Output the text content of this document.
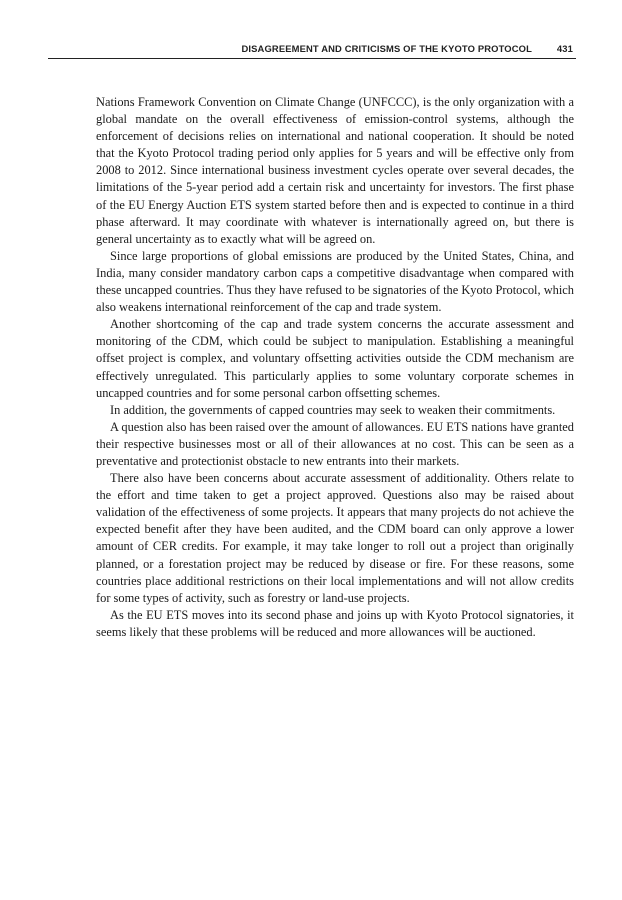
DISAGREEMENT AND CRITICISMS OF THE KYOTO PROTOCOL	431

Nations Framework Convention on Climate Change (UNFCCC), is the only organization with a global mandate on the overall effectiveness of emission-control systems, although the enforcement of decisions relies on international and national cooperation. It should be noted that the Kyoto Protocol trading period only applies for 5 years and will be effective only from 2008 to 2012. Since international business investment cycles operate over several decades, the limitations of the 5-year period add a certain risk and uncertainty for investors. The first phase of the EU Energy Auction ETS system started before then and is expected to continue in a third phase afterward. It may coordinate with whatever is internationally agreed on, but there is general uncertainty as to exactly what will be agreed on.

Since large proportions of global emissions are produced by the United States, China, and India, many consider mandatory carbon caps a competitive disadvantage when compared with these uncapped countries. Thus they have refused to be signatories of the Kyoto Protocol, which also weakens international reinforcement of the cap and trade system.

Another shortcoming of the cap and trade system concerns the accurate assessment and monitoring of the CDM, which could be subject to manipulation. Establishing a meaningful offset project is complex, and voluntary offsetting activities outside the CDM mechanism are effectively unregulated. This particularly applies to some voluntary corporate schemes in uncapped countries and for some personal carbon offsetting schemes.

In addition, the governments of capped countries may seek to weaken their commitments.

A question also has been raised over the amount of allowances. EU ETS nations have granted their respective businesses most or all of their allowances at no cost. This can be seen as a preventative and protectionist obstacle to new entrants into their markets.

There also have been concerns about accurate assessment of additionality. Others relate to the effort and time taken to get a project approved. Questions also may be raised about validation of the effectiveness of some projects. It appears that many projects do not achieve the expected benefit after they have been audited, and the CDM board can only approve a lower amount of CER credits. For example, it may take longer to roll out a project than originally planned, or a forestation project may be reduced by disease or fire. For these reasons, some countries place additional restrictions on their local implementations and will not allow credits for some types of activity, such as forestry or land-use projects.

As the EU ETS moves into its second phase and joins up with Kyoto Protocol signatories, it seems likely that these problems will be reduced and more allowances will be auctioned.
